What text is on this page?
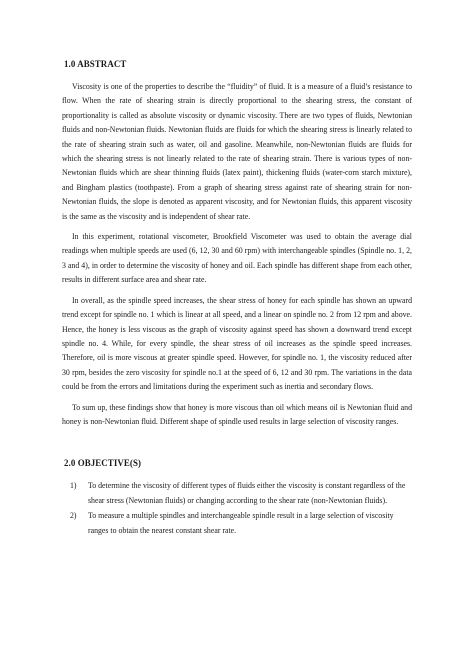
1.0 ABSTRACT

Viscosity is one of the properties to describe the “fluidity” of fluid. It is a measure of a fluid’s resistance to flow. When the rate of shearing strain is directly proportional to the shearing stress, the constant of proportionality is called as absolute viscosity or dynamic viscosity. There are two types of fluids, Newtonian fluids and non-Newtonian fluids. Newtonian fluids are fluids for which the shearing stress is linearly related to the rate of shearing strain such as water, oil and gasoline. Meanwhile, non-Newtonian fluids are fluids for which the shearing stress is not linearly related to the rate of shearing strain. There is various types of non-Newtonian fluids which are shear thinning fluids (latex paint), thickening fluids (water-corn starch mixture), and Bingham plastics (toothpaste). From a graph of shearing stress against rate of shearing strain for non-Newtonian fluids, the slope is denoted as apparent viscosity, and for Newtonian fluids, this apparent viscosity is the same as the viscosity and is independent of shear rate.

In this experiment, rotational viscometer, Brookfield Viscometer was used to obtain the average dial readings when multiple speeds are used (6, 12, 30 and 60 rpm) with interchangeable spindles (Spindle no. 1, 2, 3 and 4), in order to determine the viscosity of honey and oil. Each spindle has different shape from each other, results in different surface area and shear rate.

In overall, as the spindle speed increases, the shear stress of honey for each spindle has shown an upward trend except for spindle no. 1 which is linear at all speed, and a linear on spindle no. 2 from 12 rpm and above. Hence, the honey is less viscous as the graph of viscosity against speed has shown a downward trend except spindle no. 4. While, for every spindle, the shear stress of oil increases as the spindle speed increases. Therefore, oil is more viscous at greater spindle speed. However, for spindle no. 1, the viscosity reduced after 30 rpm, besides the zero viscosity for spindle no.1 at the speed of 6, 12 and 30 rpm. The variations in the data could be from the errors and limitations during the experiment such as inertia and secondary flows.

To sum up, these findings show that honey is more viscous than oil which means oil is Newtonian fluid and honey is non-Newtonian fluid. Different shape of spindle used results in large selection of viscosity ranges.

2.0 OBJECTIVE(S)
1)	To determine the viscosity of different types of fluids either the viscosity is constant regardless of the shear stress (Newtonian fluids) or changing according to the shear rate (non-Newtonian fluids).
2)	To measure a multiple spindles and interchangeable spindle result in a large selection of viscosity ranges to obtain the nearest constant shear rate.
